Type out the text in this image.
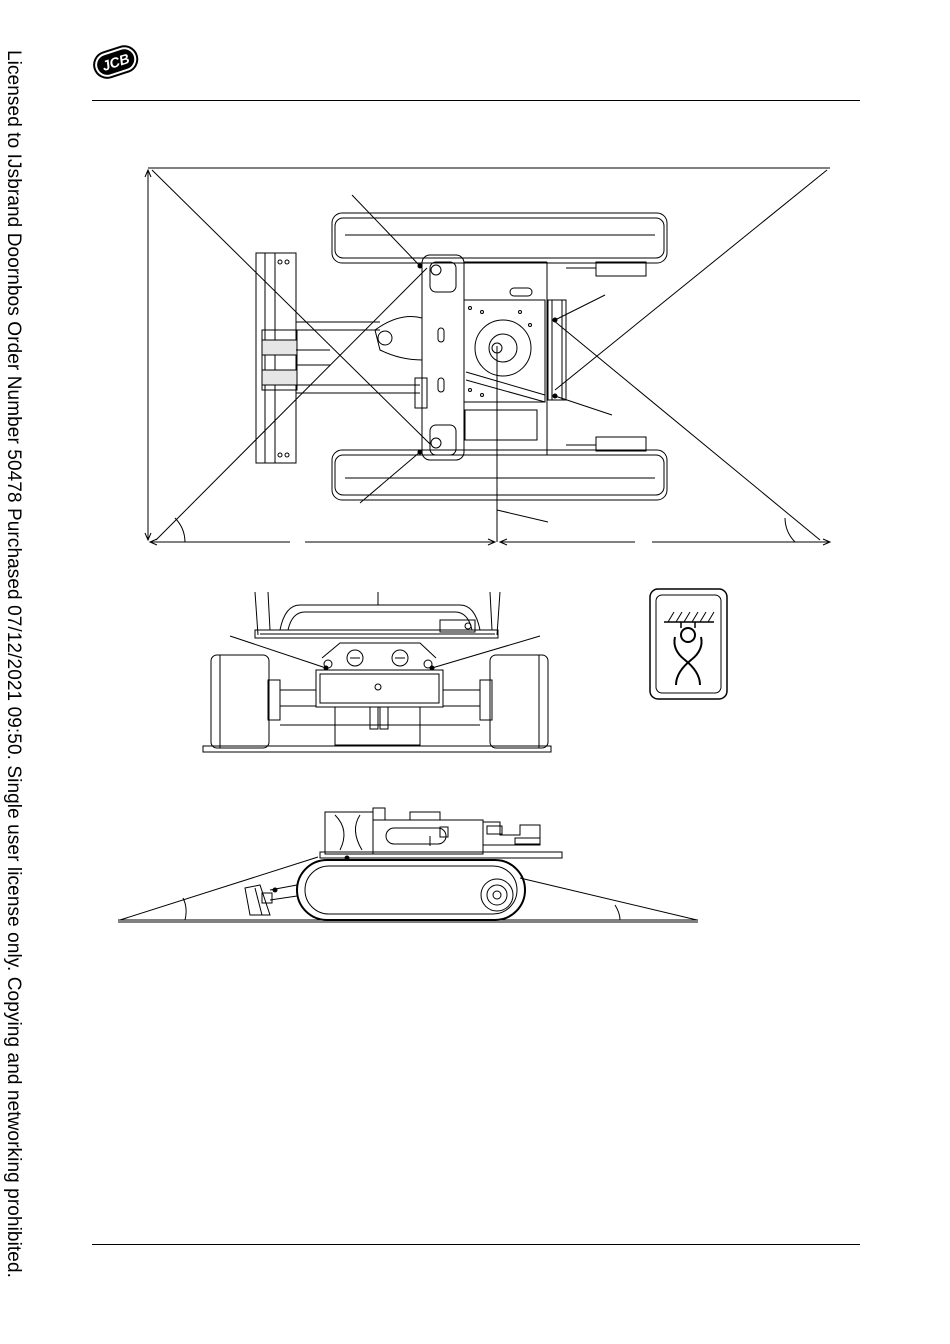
Licensed to IJsbrand Doornbos Order Number 50478 Purchased 07/12/2021 09:50. Single user license only. Copying and networking prohibited.	JCB
